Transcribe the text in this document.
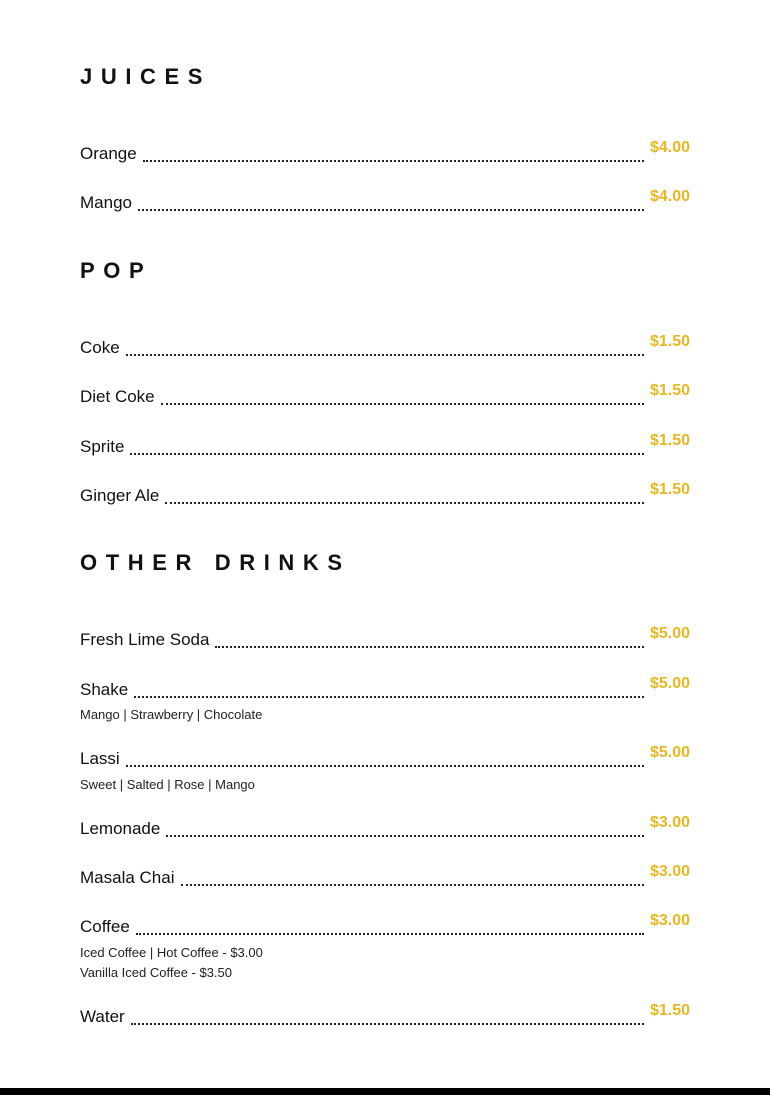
JUICES
Orange	$4.00
Mango	$4.00
POP
Coke	$1.50
Diet Coke	$1.50
Sprite	$1.50
Ginger Ale	$1.50
OTHER DRINKS
Fresh Lime Soda	$5.00
Shake	$5.00
Mango | Strawberry | Chocolate
Lassi	$5.00
Sweet | Salted | Rose | Mango
Lemonade	$3.00
Masala Chai	$3.00
Coffee	$3.00
Iced Coffee | Hot Coffee - $3.00
Vanilla Iced Coffee - $3.50
Water	$1.50
